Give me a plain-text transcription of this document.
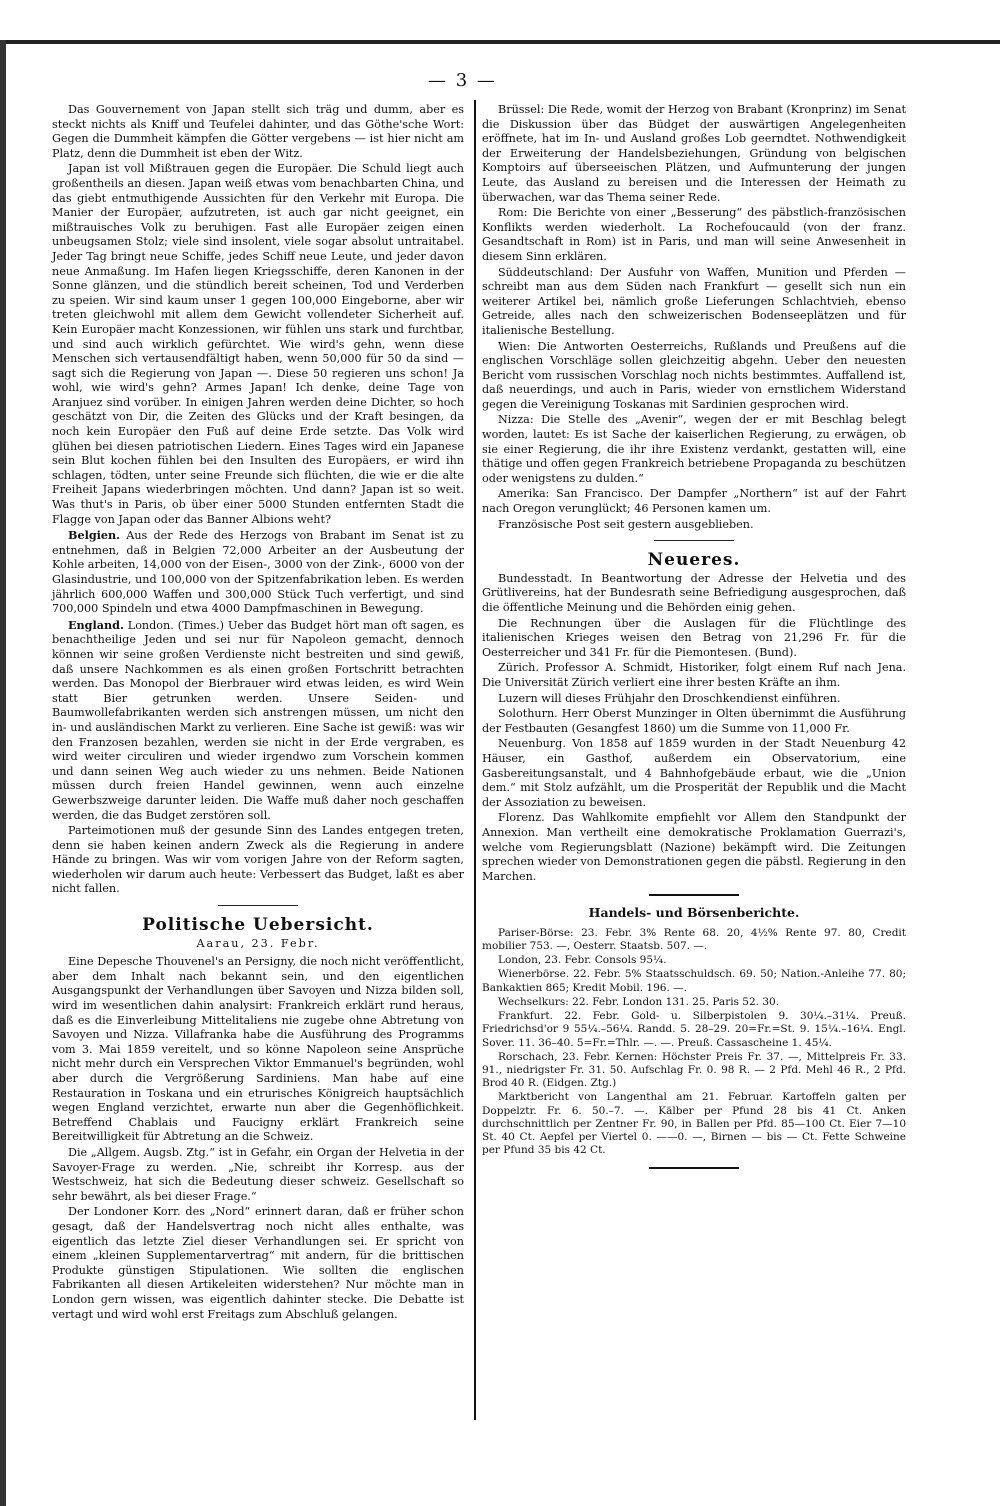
— 3 —

Das Gouvernement von Japan stellt sich träg und dumm, aber es steckt nichts als Kniff und Teufelei dahinter, und das Göthe'sche Wort: Gegen die Dummheit kämpfen die Götter vergebens — ist hier nicht am Platz, denn die Dummheit ist eben der Witz.

Japan ist voll Mißtrauen gegen die Europäer. Die Schuld liegt auch großentheils an diesen. Japan weiß etwas vom benachbarten China, und das giebt entmuthigende Aussichten für den Verkehr mit Europa. Die Manier der Europäer, aufzutreten, ist auch gar nicht geeignet, ein mißtrauisches Volk zu beruhigen. Fast alle Europäer zeigen einen unbeugsamen Stolz; viele sind insolent, viele sogar absolut untraitabel. Jeder Tag bringt neue Schiffe, jedes Schiff neue Leute, und jeder davon neue Anmaßung. Im Hafen liegen Kriegsschiffe, deren Kanonen in der Sonne glänzen, und die stündlich bereit scheinen, Tod und Verderben zu speien. Wir sind kaum unser 1 gegen 100,000 Eingeborne, aber wir treten gleichwohl mit allem dem Gewicht vollendeter Sicherheit auf. Kein Europäer macht Konzessionen, wir fühlen uns stark und furchtbar, und sind auch wirklich gefürchtet. Wie wird's gehn, wenn diese Menschen sich vertausendfältigt haben, wenn 50,000 für 50 da sind — sagt sich die Regierung von Japan —. Diese 50 regieren uns schon! Ja wohl, wie wird's gehn? Armes Japan! Ich denke, deine Tage von Aranjuez sind vorüber. In einigen Jahren werden deine Dichter, so hoch geschätzt von Dir, die Zeiten des Glücks und der Kraft besingen, da noch kein Europäer den Fuß auf deine Erde setzte. Das Volk wird glühen bei diesen patriotischen Liedern. Eines Tages wird ein Japanese sein Blut kochen fühlen bei den Insulten des Europäers, er wird ihn schlagen, tödten, unter seine Freunde sich flüchten, die wie er die alte Freiheit Japans wiederbringen möchten. Und dann? Japan ist so weit. Was thut's in Paris, ob über einer 5000 Stunden entfernten Stadt die Flagge von Japan oder das Banner Albions weht?

Belgien. Aus der Rede des Herzogs von Brabant im Senat ist zu entnehmen, daß in Belgien 72,000 Arbeiter an der Ausbeutung der Kohle arbeiten, 14,000 von der Eisen-, 3000 von der Zink-, 6000 von der Glasindustrie, und 100,000 von der Spitzenfabrikation leben. Es werden jährlich 600,000 Waffen und 300,000 Stück Tuch verfertigt, und sind 700,000 Spindeln und etwa 4000 Dampfmaschinen in Bewegung.

England. London. (Times.) Ueber das Budget hört man oft sagen, es benachtheilige Jeden und sei nur für Napoleon gemacht, dennoch können wir seine großen Verdienste nicht bestreiten und sind gewiß, daß unsere Nachkommen es als einen großen Fortschritt betrachten werden. Das Monopol der Bierbrauer wird etwas leiden, es wird Wein statt Bier getrunken werden. Unsere Seiden- und Baumwollefabrikanten werden sich anstrengen müssen, um nicht den in- und ausländischen Markt zu verlieren. Eine Sache ist gewiß: was wir den Franzosen bezahlen, werden sie nicht in der Erde vergraben, es wird weiter circuliren und wieder irgendwo zum Vorschein kommen und dann seinen Weg auch wieder zu uns nehmen. Beide Nationen müssen durch freien Handel gewinnen, wenn auch einzelne Gewerbszweige darunter leiden. Die Waffe muß daher noch geschaffen werden, die das Budget zerstören soll.

Parteimotionen muß der gesunde Sinn des Landes entgegen treten, denn sie haben keinen andern Zweck als die Regierung in andere Hände zu bringen. Was wir vom vorigen Jahre von der Reform sagten, wiederholen wir darum auch heute: Verbessert das Budget, laßt es aber nicht fallen.

Politische Uebersicht.
Aarau, 23. Febr.

Eine Depesche Thouvenel's an Persigny, die noch nicht veröffentlicht, aber dem Inhalt nach bekannt sein, und den eigentlichen Ausgangspunkt der Verhandlungen über Savoyen und Nizza bilden soll, wird im wesentlichen dahin analysirt: Frankreich erklärt rund heraus, daß es die Einverleibung Mittelitaliens nie zugebe ohne Abtretung von Savoyen und Nizza. Villafranka habe die Ausführung des Programms vom 3. Mai 1859 vereitelt, und so könne Napoleon seine Ansprüche nicht mehr durch ein Versprechen Viktor Emmanuel's begründen, wohl aber durch die Vergrößerung Sardiniens. Man habe auf eine Restauration in Toskana und ein etrurisches Königreich hauptsächlich wegen England verzichtet, erwarte nun aber die Gegenhöflichkeit. Betreffend Chablais und Faucigny erklärt Frankreich seine Bereitwilligkeit für Abtretung an die Schweiz.

Die „Allgem. Augsb. Ztg.“ ist in Gefahr, ein Organ der Helvetia in der Savoyer-Frage zu werden. „Nie, schreibt ihr Korresp. aus der Westschweiz, hat sich die Bedeutung dieser schweiz. Gesellschaft so sehr bewährt, als bei dieser Frage.“

Der Londoner Korr. des „Nord“ erinnert daran, daß er früher schon gesagt, daß der Handelsvertrag noch nicht alles enthalte, was eigentlich das letzte Ziel dieser Verhandlungen sei. Er spricht von einem „kleinen Supplementarvertrag“ mit andern, für die brittischen Produkte günstigen Stipulationen. Wie sollten die englischen Fabrikanten all diesen Artikeleiten widerstehen? Nur möchte man in London gern wissen, was eigentlich dahinter stecke. Die Debatte ist vertagt und wird wohl erst Freitags zum Abschluß gelangen.

Brüssel: Die Rede, womit der Herzog von Brabant (Kronprinz) im Senat die Diskussion über das Büdget der auswärtigen Angelegenheiten eröffnete, hat im In- und Ausland großes Lob geerndtet. Nothwendigkeit der Erweiterung der Handelsbeziehungen, Gründung von belgischen Komptoirs auf überseeischen Plätzen, und Aufmunterung der jungen Leute, das Ausland zu bereisen und die Interessen der Heimath zu überwachen, war das Thema seiner Rede.

Rom: Die Berichte von einer „Besserung“ des päbstlich-französischen Konflikts werden wiederholt. La Rochefoucauld (von der franz. Gesandtschaft in Rom) ist in Paris, und man will seine Anwesenheit in diesem Sinn erklären.

Süddeutschland: Der Ausfuhr von Waffen, Munition und Pferden — schreibt man aus dem Süden nach Frankfurt — gesellt sich nun ein weiterer Artikel bei, nämlich große Lieferungen Schlachtvieh, ebenso Getreide, alles nach den schweizerischen Bodenseeplätzen und für italienische Bestellung.

Wien: Die Antworten Oesterreichs, Rußlands und Preußens auf die englischen Vorschläge sollen gleichzeitig abgehn. Ueber den neuesten Bericht vom russischen Vorschlag noch nichts bestimmtes. Auffallend ist, daß neuerdings, und auch in Paris, wieder von ernstlichem Widerstand gegen die Vereinigung Toskanas mit Sardinien gesprochen wird.

Nizza: Die Stelle des „Avenir“, wegen der er mit Beschlag belegt worden, lautet: Es ist Sache der kaiserlichen Regierung, zu erwägen, ob sie einer Regierung, die ihr ihre Existenz verdankt, gestatten will, eine thätige und offen gegen Frankreich betriebene Propaganda zu beschützen oder wenigstens zu dulden.“

Amerika: San Francisco. Der Dampfer „Northern“ ist auf der Fahrt nach Oregon verunglückt; 46 Personen kamen um.

Französische Post seit gestern ausgeblieben.

Neueres.

Bundesstadt. In Beantwortung der Adresse der Helvetia und des Grütlivereins, hat der Bundesrath seine Befriedigung ausgesprochen, daß die öffentliche Meinung und die Behörden einig gehen.

Die Rechnungen über die Auslagen für die Flüchtlinge des italienischen Krieges weisen den Betrag von 21,296 Fr. für die Oesterreicher und 341 Fr. für die Piemontesen. (Bund).

Zürich. Professor A. Schmidt, Historiker, folgt einem Ruf nach Jena. Die Universität Zürich verliert eine ihrer besten Kräfte an ihm.

Luzern will dieses Frühjahr den Droschkendienst einführen.

Solothurn. Herr Oberst Munzinger in Olten übernimmt die Ausführung der Festbauten (Gesangfest 1860) um die Summe von 11,000 Fr.

Neuenburg. Von 1858 auf 1859 wurden in der Stadt Neuenburg 42 Häuser, ein Gasthof, außerdem ein Observatorium, eine Gasbereitungsanstalt, und 4 Bahnhofgebäude erbaut, wie die „Union dem.“ mit Stolz aufzählt, um die Prosperität der Republik und die Macht der Assoziation zu beweisen.

Florenz. Das Wahlkomite empfiehlt vor Allem den Standpunkt der Annexion. Man vertheilt eine demokratische Proklamation Guerrazi's, welche vom Regierungsblatt (Nazione) bekämpft wird. Die Zeitungen sprechen wieder von Demonstrationen gegen die päbstl. Regierung in den Marchen.

Handels- und Börsenberichte.

Pariser-Börse: 23. Febr. 3% Rente 68. 20, 4½% Rente 97. 80, Credit mobilier 753. —, Oesterr. Staatsb. 507. —.

London, 23. Febr. Consols 95¼.

Wienerbörse. 22. Febr. 5% Staatsschuldsch. 69. 50; Nation.-Anleihe 77. 80; Bankaktien 865; Kredit Mobil. 196. —.

Wechselkurs: 22. Febr. London 131. 25. Paris 52. 30.

Frankfurt. 22. Febr. Gold- u. Silberpistolen 9. 30¼.–31¼. Preuß. Friedrichsd'or 9 55¼.–56¼. Randd. 5. 28–29. 20=Fr.=St. 9. 15¼.–16¼. Engl. Sover. 11. 36–40. 5=Fr.=Thlr. —. —. Preuß. Cassascheine 1. 45¼.

Rorschach, 23. Febr. Kernen: Höchster Preis Fr. 37. —, Mittelpreis Fr. 33. 91., niedrigster Fr. 31. 50. Aufschlag Fr. 0. 98 R. — 2 Pfd. Mehl 46 R., 2 Pfd. Brod 40 R. (Eidgen. Ztg.)

Marktbericht von Langenthal am 21. Februar. Kartoffeln galten per Doppelztr. Fr. 6. 50.–7. —. Kälber per Pfund 28 bis 41 Ct. Anken durchschnittlich per Zentner Fr. 90, in Ballen per Pfd. 85—100 Ct. Eier 7—10 St. 40 Ct. Aepfel per Viertel 0. ——0. —, Birnen — bis — Ct. Fette Schweine per Pfund 35 bis 42 Ct.
